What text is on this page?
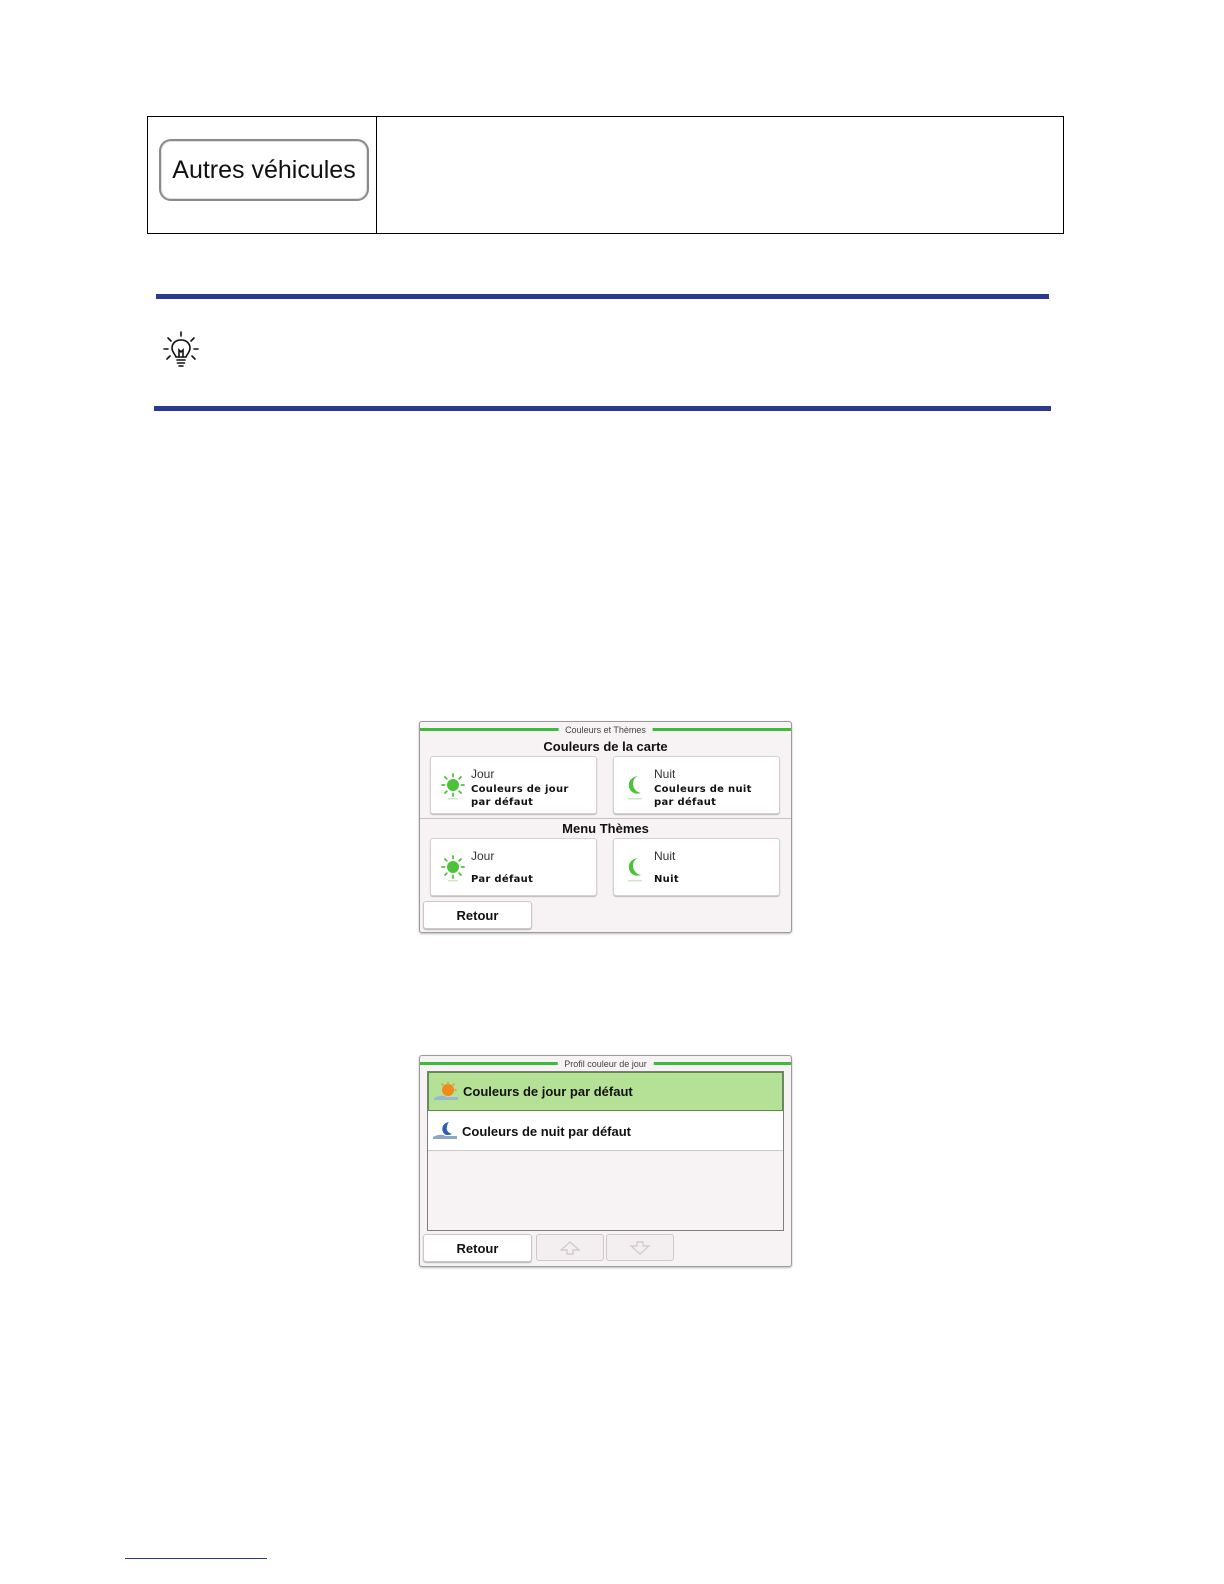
Autres véhicules
Couleurs et Thèmes
Couleurs de la carte
Jour
Couleurs de jour
par défaut
Nuit
Couleurs de nuit
par défaut
Menu Thèmes
Jour
Par défaut
Nuit
Nuit
Retour
Profil couleur de jour
Couleurs de jour par défaut
Couleurs de nuit par défaut
Retour
